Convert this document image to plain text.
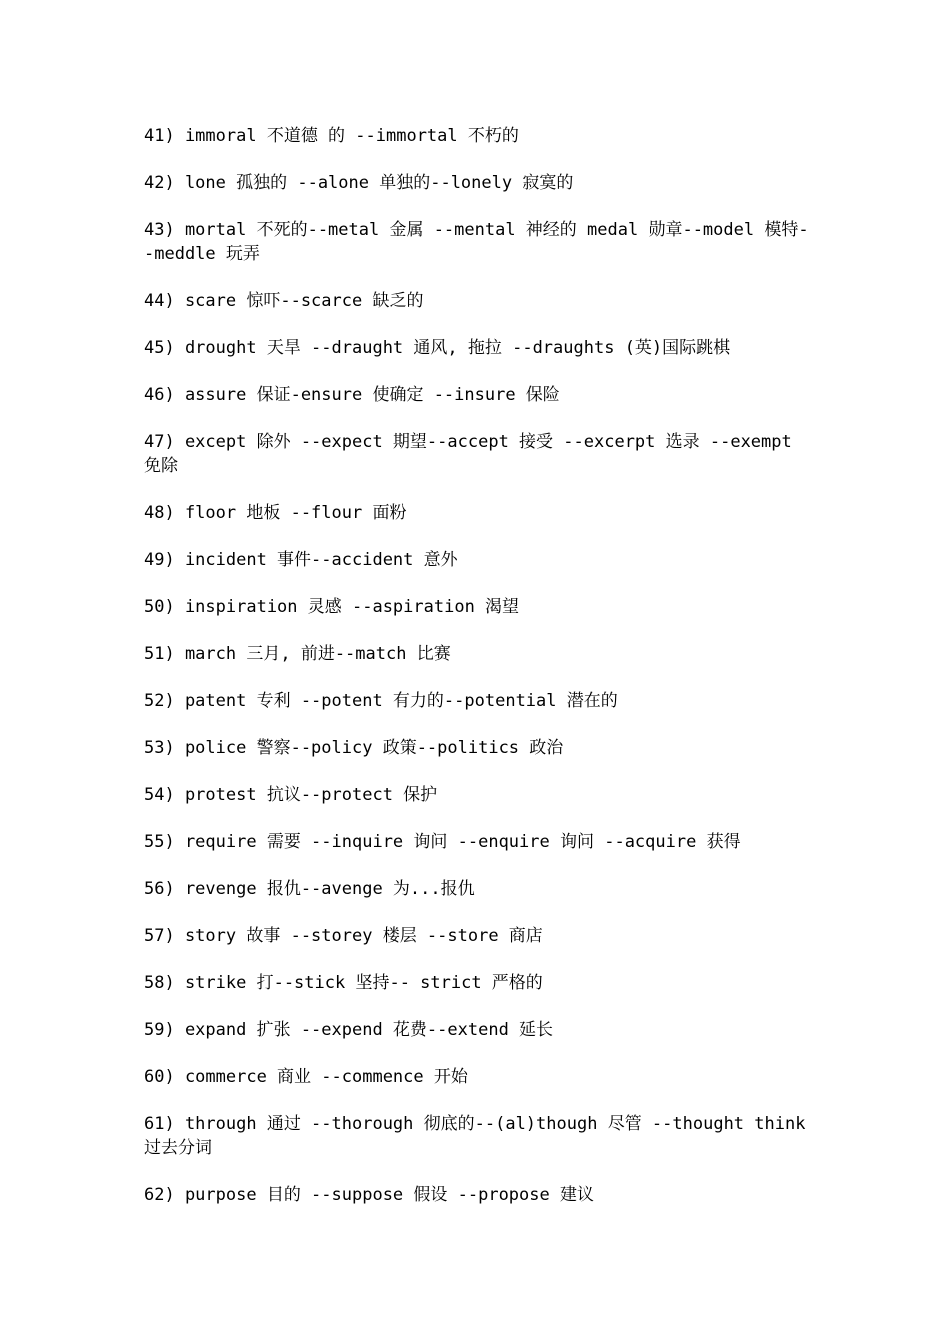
41) immoral 不道德 的 --immortal 不朽的
42) lone 孤独的 --alone 单独的--lonely 寂寞的
43) mortal 不死的--metal 金属 --mental 神经的 medal 勋章--model 模特--meddle 玩弄
44) scare 惊吓--scarce 缺乏的
45) drought 天旱 --draught 通风, 拖拉 --draughts (英)国际跳棋
46) assure 保证-ensure 使确定 --insure 保险
47) except 除外 --expect 期望--accept 接受 --excerpt 选录 --exempt 免除
48) floor 地板 --flour 面粉
49) incident 事件--accident 意外
50) inspiration 灵感 --aspiration 渴望
51) march 三月, 前进--match 比赛
52) patent 专利 --potent 有力的--potential 潜在的
53) police 警察--policy 政策--politics 政治
54) protest 抗议--protect 保护
55) require 需要 --inquire 询问 --enquire 询问 --acquire 获得
56) revenge 报仇--avenge 为...报仇
57) story 故事 --storey 楼层 --store 商店
58) strike 打--stick 坚持-- strict 严格的
59) expand 扩张 --expend 花费--extend 延长
60) commerce 商业 --commence 开始
61) through 通过 --thorough 彻底的--(al)though 尽管 --thought think 过去分词
62) purpose 目的 --suppose 假设 --propose 建议
